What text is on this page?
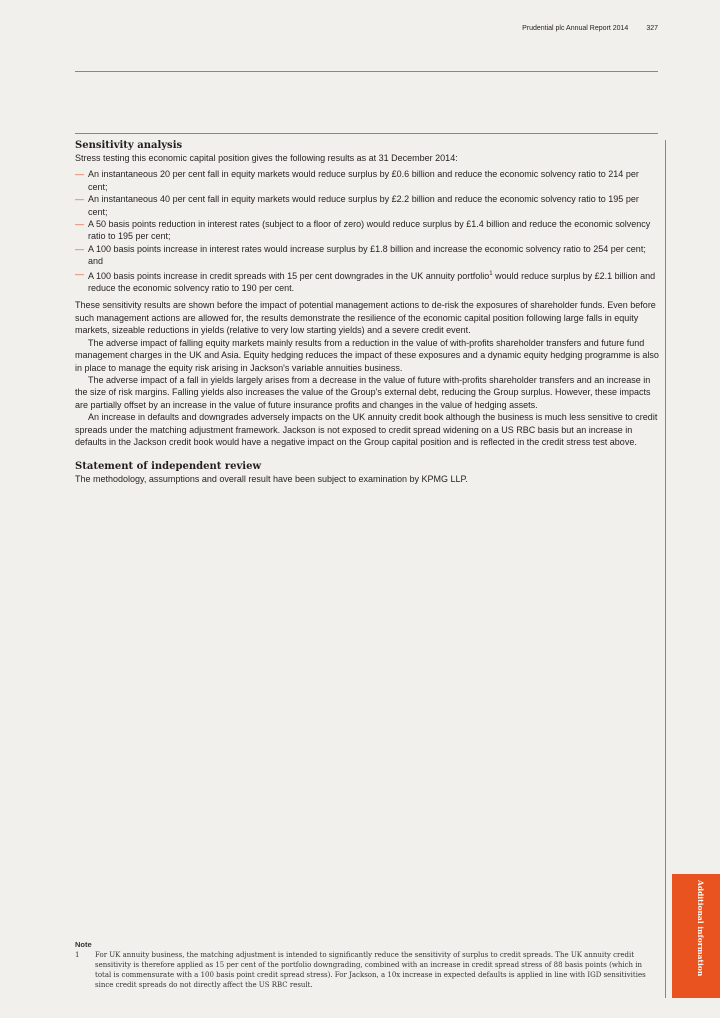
Prudential plc Annual Report 2014	327
Sensitivity analysis

Stress testing this economic capital position gives the following results as at 31 December 2014:

— An instantaneous 20 per cent fall in equity markets would reduce surplus by £0.6 billion and reduce the economic solvency ratio to 214 per cent;
— An instantaneous 40 per cent fall in equity markets would reduce surplus by £2.2 billion and reduce the economic solvency ratio to 195 per cent;
— A 50 basis points reduction in interest rates (subject to a floor of zero) would reduce surplus by £1.4 billion and reduce the economic solvency ratio to 195 per cent;
— A 100 basis points increase in interest rates would increase surplus by £1.8 billion and increase the economic solvency ratio to 254 per cent; and
— A 100 basis points increase in credit spreads with 15 per cent downgrades in the UK annuity portfolio$^1$ would reduce surplus by £2.1 billion and reduce the economic solvency ratio to 190 per cent.

These sensitivity results are shown before the impact of potential management actions to de-risk the exposures of shareholder funds. Even before such management actions are allowed for, the results demonstrate the resilience of the economic capital position following large falls in equity markets, sizeable reductions in yields (relative to very low starting yields) and a severe credit event.

The adverse impact of falling equity markets mainly results from a reduction in the value of with-profits shareholder transfers and future fund management charges in the UK and Asia. Equity hedging reduces the impact of these exposures and a dynamic equity hedging programme is also in place to manage the equity risk arising in Jackson's variable annuities business.

The adverse impact of a fall in yields largely arises from a decrease in the value of future with-profits shareholder transfers and an increase in the size of risk margins. Falling yields also increases the value of the Group's external debt, reducing the Group surplus. However, these impacts are partially offset by an increase in the value of future insurance profits and changes in the value of hedging assets.

An increase in defaults and downgrades adversely impacts on the UK annuity credit book although the business is much less sensitive to credit spreads under the matching adjustment framework. Jackson is not exposed to credit spread widening on a US RBC basis but an increase in defaults in the Jackson credit book would have a negative impact on the Group capital position and is reflected in the credit stress test above.

Statement of independent review

The methodology, assumptions and overall result have been subject to examination by KPMG LLP.

Note
1 For UK annuity business, the matching adjustment is intended to significantly reduce the sensitivity of surplus to credit spreads. The UK annuity credit sensitivity is therefore applied as 15 per cent of the portfolio downgrading, combined with an increase in credit spread stress of 88 basis points (which in total is commensurate with a 100 basis point credit spread stress). For Jackson, a 10x increase in expected defaults is applied in line with IGD sensitivities since credit spreads do not directly affect the US RBC result.
Additional information
